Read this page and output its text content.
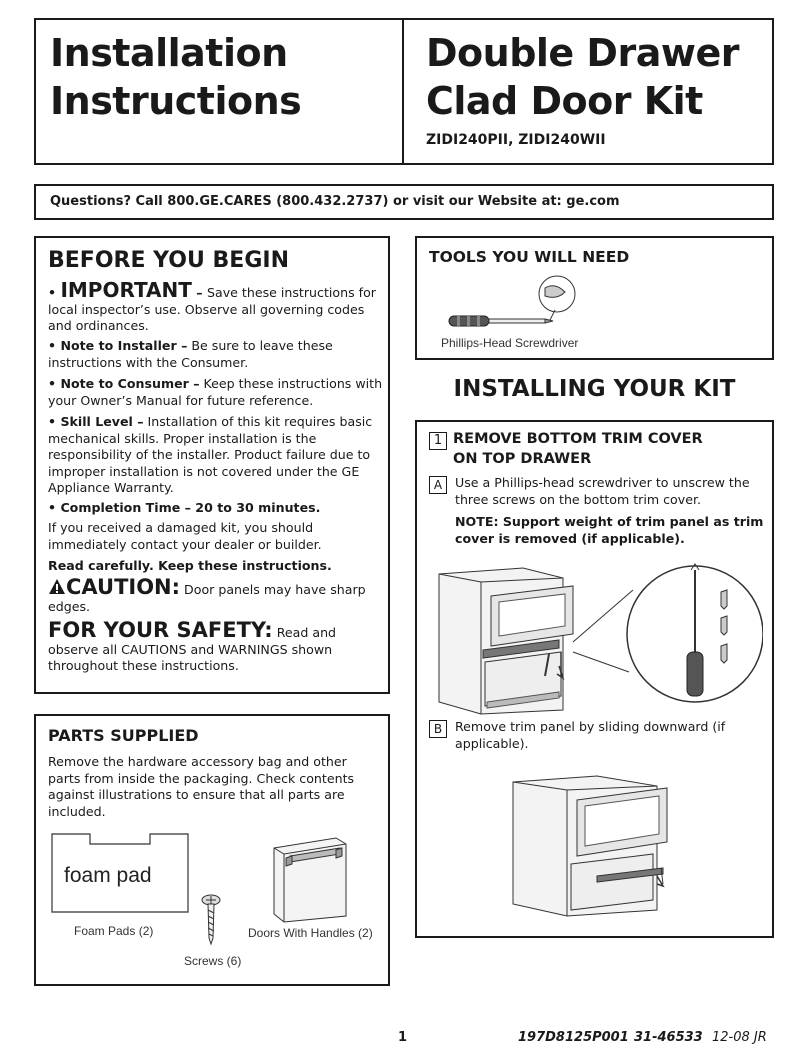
Installation
Instructions
Double Drawer
Clad Door Kit
ZIDI240PII, ZIDI240WII
Questions? Call 800.GE.CARES (800.432.2737) or visit our Website at: ge.com
BEFORE YOU BEGIN
• IMPORTANT – Save these instructions for local inspector’s use. Observe all governing codes and ordinances.
• Note to Installer – Be sure to leave these instructions with the Consumer.
• Note to Consumer – Keep these instructions with your Owner’s Manual for future reference.
• Skill Level – Installation of this kit requires basic mechanical skills. Proper installation is the responsibility of the installer. Product failure due to improper installation is not covered under the GE Appliance Warranty.
• Completion Time – 20 to 30 minutes.
If you received a damaged kit, you should immediately contact your dealer or builder.
Read carefully. Keep these instructions.
CAUTION: Door panels may have sharp edges.
FOR YOUR SAFETY: Read and observe all CAUTIONS and WARNINGS shown throughout these instructions.
PARTS SUPPLIED
Remove the hardware accessory bag and other parts from inside the packaging. Check contents against illustrations to ensure that all parts are included.
foam pad
Foam Pads (2)
Screws (6)
Doors With Handles (2)
TOOLS YOU WILL NEED
Phillips-Head Screwdriver
INSTALLING YOUR KIT
1 REMOVE BOTTOM TRIM COVER
ON TOP DRAWER
A	Use a Phillips-head screwdriver to unscrew the three screws on the bottom trim cover.
NOTE: Support weight of trim panel as trim cover is removed (if applicable).
B	Remove trim panel by sliding downward (if applicable).
1	197D8125P001 31-46533 12-08 JR
